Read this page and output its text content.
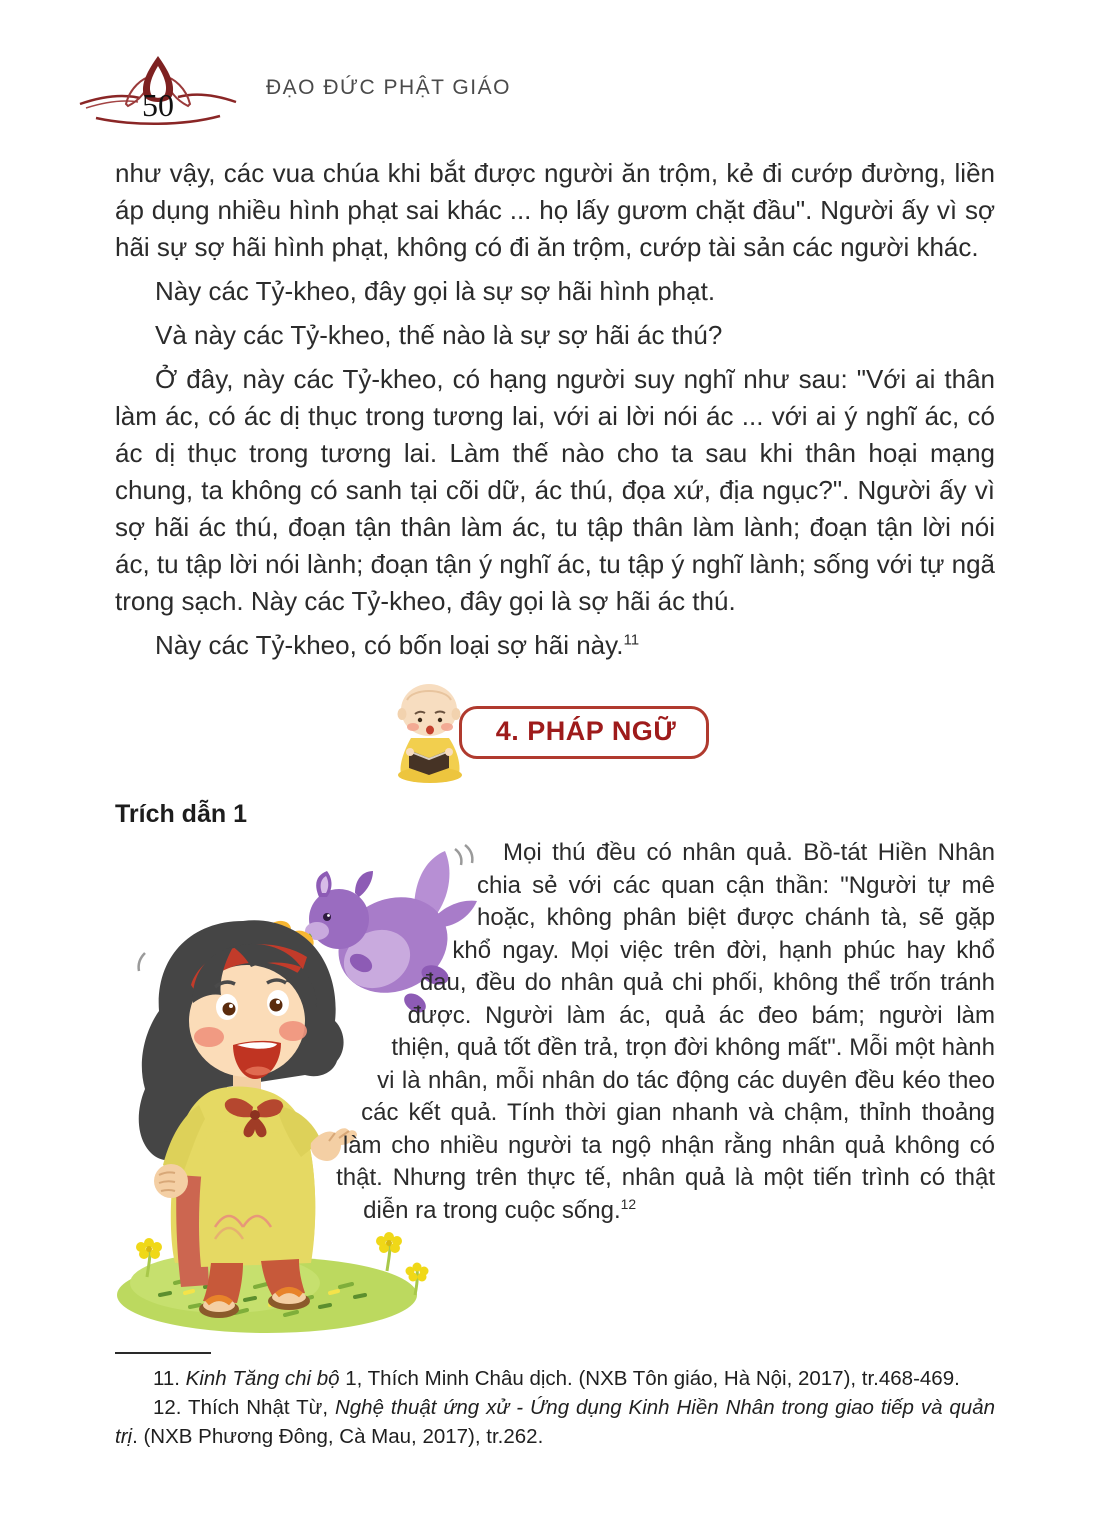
50	ĐẠO ĐỨC PHẬT GIÁO

như vậy, các vua chúa khi bắt được người ăn trộm, kẻ đi cướp đường, liền áp dụng nhiều hình phạt sai khác ... họ lấy gươm chặt đầu". Người ấy vì sợ hãi sự sợ hãi hình phạt, không có đi ăn trộm, cướp tài sản các người khác.

Này các Tỷ-kheo, đây gọi là sự sợ hãi hình phạt.

Và này các Tỷ-kheo, thế nào là sự sợ hãi ác thú?

Ở đây, này các Tỷ-kheo, có hạng người suy nghĩ như sau: "Với ai thân làm ác, có ác dị thục trong tương lai, với ai lời nói ác ... với ai ý nghĩ ác, có ác dị thục trong tương lai. Làm thế nào cho ta sau khi thân hoại mạng chung, ta không có sanh tại cõi dữ, ác thú, đọa xứ, địa ngục?". Người ấy vì sợ hãi ác thú, đoạn tận thân làm ác, tu tập thân làm lành; đoạn tận lời nói ác, tu tập lời nói lành; đoạn tận ý nghĩ ác, tu tập ý nghĩ lành; sống với tự ngã trong sạch. Này các Tỷ-kheo, đây gọi là sợ hãi ác thú.

Này các Tỷ-kheo, có bốn loại sợ hãi này.$^{11}$

4. PHÁP NGỮ
Trích dẫn 1

Mọi thú đều có nhân quả. Bồ-tát Hiền Nhân chia sẻ với các quan cận thần: "Người tự mê hoặc, không phân biệt được chánh tà, sẽ gặp khổ ngay. Mọi việc trên đời, hạnh phúc hay khổ đau, đều do nhân quả chi phối, không thể trốn tránh được. Người làm ác, quả ác đeo bám; người làm thiện, quả tốt đền trả, trọn đời không mất". Mỗi một hành vi là nhân, mỗi nhân do tác động các duyên đều kéo theo các kết quả. Tính thời gian nhanh và chậm, thỉnh thoảng làm cho nhiều người ta ngộ nhận rằng nhân quả không có thật. Nhưng trên thực tế, nhân quả là một tiến trình có thật diễn ra trong cuộc sống.$^{12}$

11. Kinh Tăng chi bộ 1, Thích Minh Châu dịch. (NXB Tôn giáo, Hà Nội, 2017), tr.468-469.

12. Thích Nhật Từ, Nghệ thuật ứng xử - Ứng dụng Kinh Hiền Nhân trong giao tiếp và quản trị. (NXB Phương Đông, Cà Mau, 2017), tr.262.
